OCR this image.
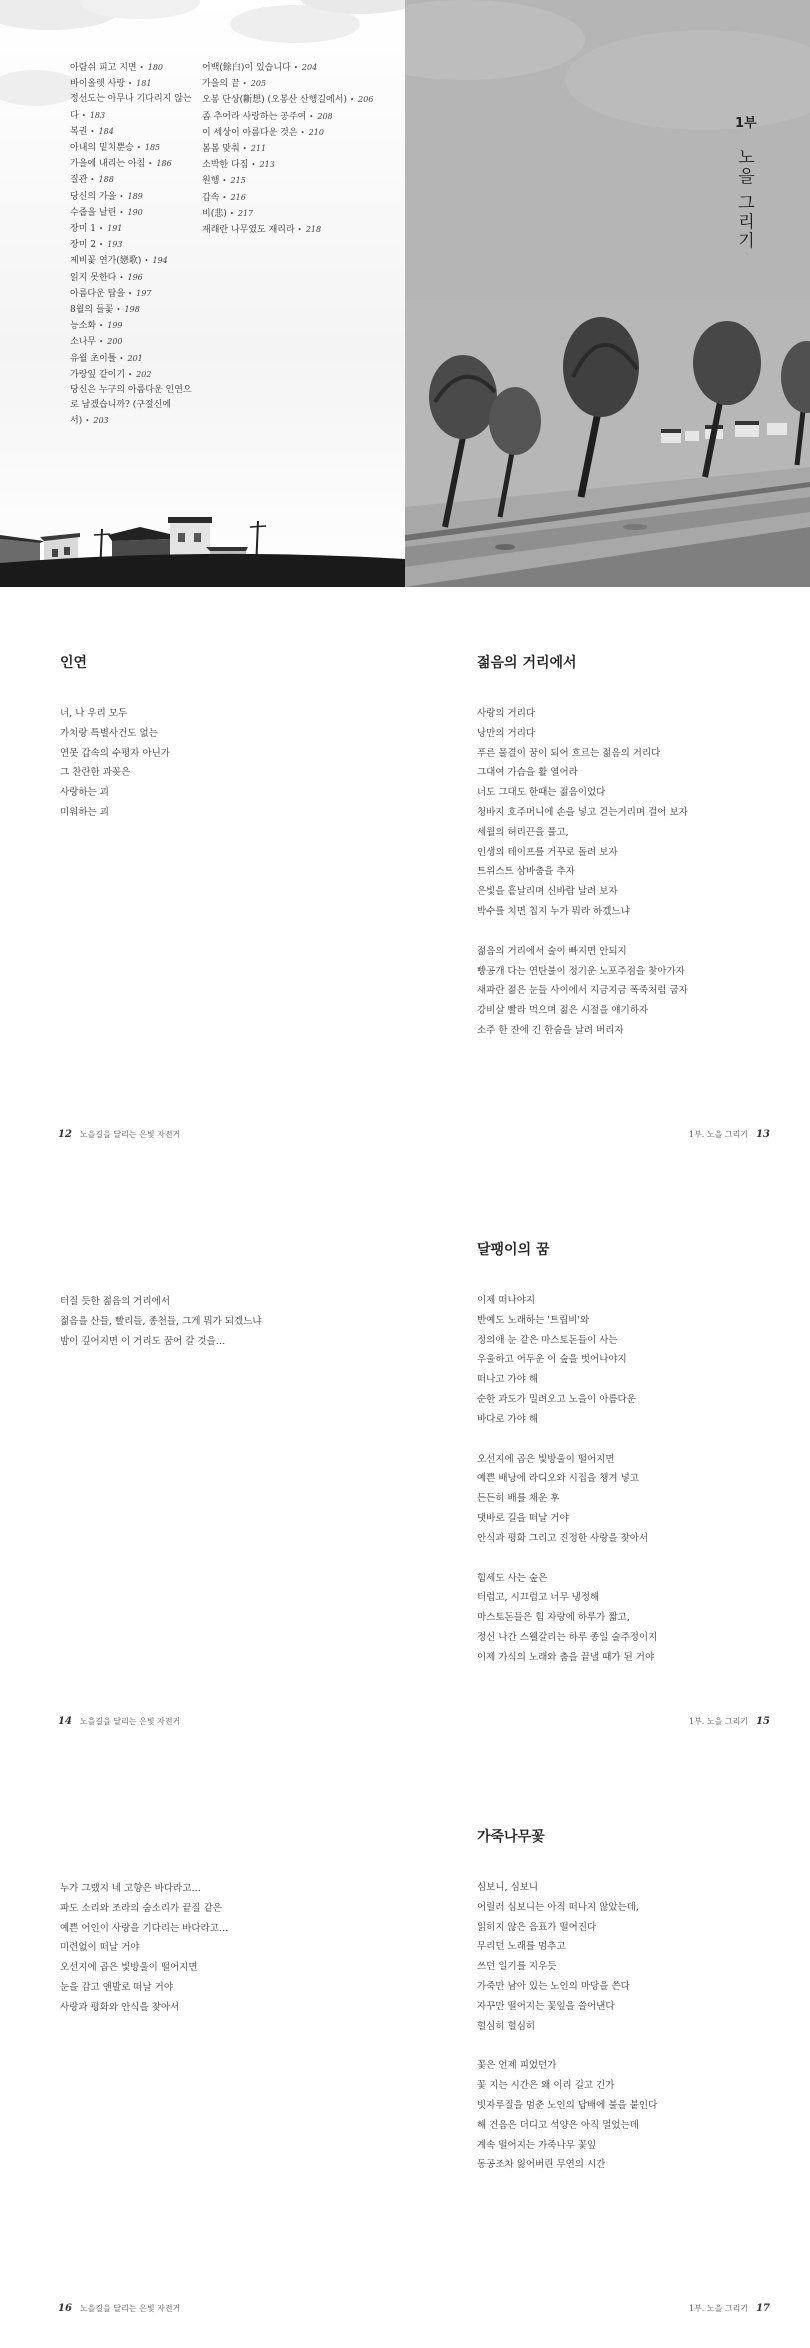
아람쉬 피고 지면 • 180
바이올렛 사랑 • 181
정선도는 아무나 기다리지 않는다 • 183
복권 • 184
아내의 밑치뿐승 • 185
가을에 내리는 아침 • 186
질관 • 188
당신의 가을 • 189
수줍을 날린 • 190
장미 1 • 191
장미 2 • 193
제비꽃 연가(戀歌) • 194
읽지 못한다 • 196
아름다운 탑을 • 197
8월의 들꽃 • 198
능소화 • 199
소나무 • 200
유월 초이틀 • 201
가랑잎 같이기 • 202
당신은 누구의 아름다운 인연으로 남겠습니까? (구절신에서) • 203
어백(餘白)이 있습니다 • 204
가을의 끝 • 205
오봉 단상(斷想) (오봉산 산행길에서) • 206
좀 추어라 사랑하는 공주여 • 208
이 세상이 아름다운 것은 • 210
봄봄 맞춰 • 211
소박한 다짐 • 213
원행 • 215
갑속 • 216
비(悲) • 217
재래란 나무였도 재리라 • 218
1부
노을 그리기
인연
너, 나 우리 모두
가치랑 특별사건도 없는
연못 갑속의 수평자 아닌가
그 찬란한 과꽂은
사랑하는 괴
미워하는 괴
12 노을길을 달리는 은빛 자전거
젊음의 거리에서
사랑의 거리다
낭만의 거리다
푸른 물결이 꿈이 되어 흐르는 젊음의 거리다
그대여 가슴을 활 열어라
너도 그대도 한때는 젊음이었다
청바지 호주머니에 손을 넣고 걷는거리며 걸어 보자
세월의 허리끈을 풀고,
인생의 테이프를 거꾸로 돌려 보자
트위스트 삼바춤을 추자
은빛을 흩날리며 신바람 날려 보자
박수를 치면 칩지 누가 뭐라 하겠느냐
젊음의 거리에서 술이 빠지면 안되지
빵공개 다는 연탄불이 정기운 노포주점을 찾아가자
새파란 젊은 눈들 사이에서 지금지금 폭죽처럼 굽자
강비살 빨라 먹으며 젊은 시절을 얘기하자
소주 한 잔에 긴 한숨을 날려 버리자
1부. 노을 그리기 13
터질 듯한 젊음의 거리에서
젊음을 산들, 빨리들, 종천들, 그게 뭐가 되겠느냐
밤이 깊어지면 이 거리도 꿈어 갈 것을…
14 노을길을 달리는 은빛 자전거
달팽이의 꿈
이제 떠나야지
반예도 노래하는 '트립비'와
정의애 눈 같은 마스토돈들이 사는
우울하고 어두운 이 숲을 벗어나야지
떠나고 가야 해
순한 과도가 밀려오고 노을이 아름다운
바다로 가야 해
오선지에 곱은 빛방울이 떨어지면
예쁜 배낭에 라디오와 시집을 챙겨 넣고
든든히 배를 채운 후
댓바로 길을 떠날 거야
안식과 평화 그리고 진정한 사랑을 찾아서
힘세도 사는 숲은
터럽고, 시끄럽고 너무 냉정해
마스토돈들은 힘 자랑에 하루가 짧고,
정신 나간 스웰갈리는 하루 종일 술주정이지
이제 가식의 노래와 춤을 끝낼 때가 된 거야
1부. 노을 그리기 15
누가 그랬지 네 고향은 바다라고…
파도 소리와 조라의 숨소리가 끝질 같은
예쁜 어인이 사랑을 기다리는 바다라고…
미련없이 떠날 거야
오선지에 곱은 빛방울이 떨어지면
눈을 감고 앤발로 떠날 거야
사랑과 평화와 안식을 찾아서
16 노을길을 달리는 은빛 자전거
가죽나무꽃
심보니, 심보니
어릴러 심보니는 아직 떠나지 않았는데,
읽히지 않은 음표가 떨어진다
무리던 노래를 멈추고
쓰던 일기를 지우듯
가죽만 남아 있는 노인의 마당을 쓴다
자꾸만 떨어지는 꽃잎을 쓸어낸다
헐심히 헐심히
꽃은 언제 피었던가
꽃 지는 시간은 왜 이리 길고 긴가
빗자루질을 멈춘 노인의 답배에 불을 붙인다
해 건음은 더디고 석양은 아직 멀었는데
계속 떨어지는 가죽나무 꽃잎
동공조차 잃어버린 무연의 시간
1부. 노을 그리기 17
